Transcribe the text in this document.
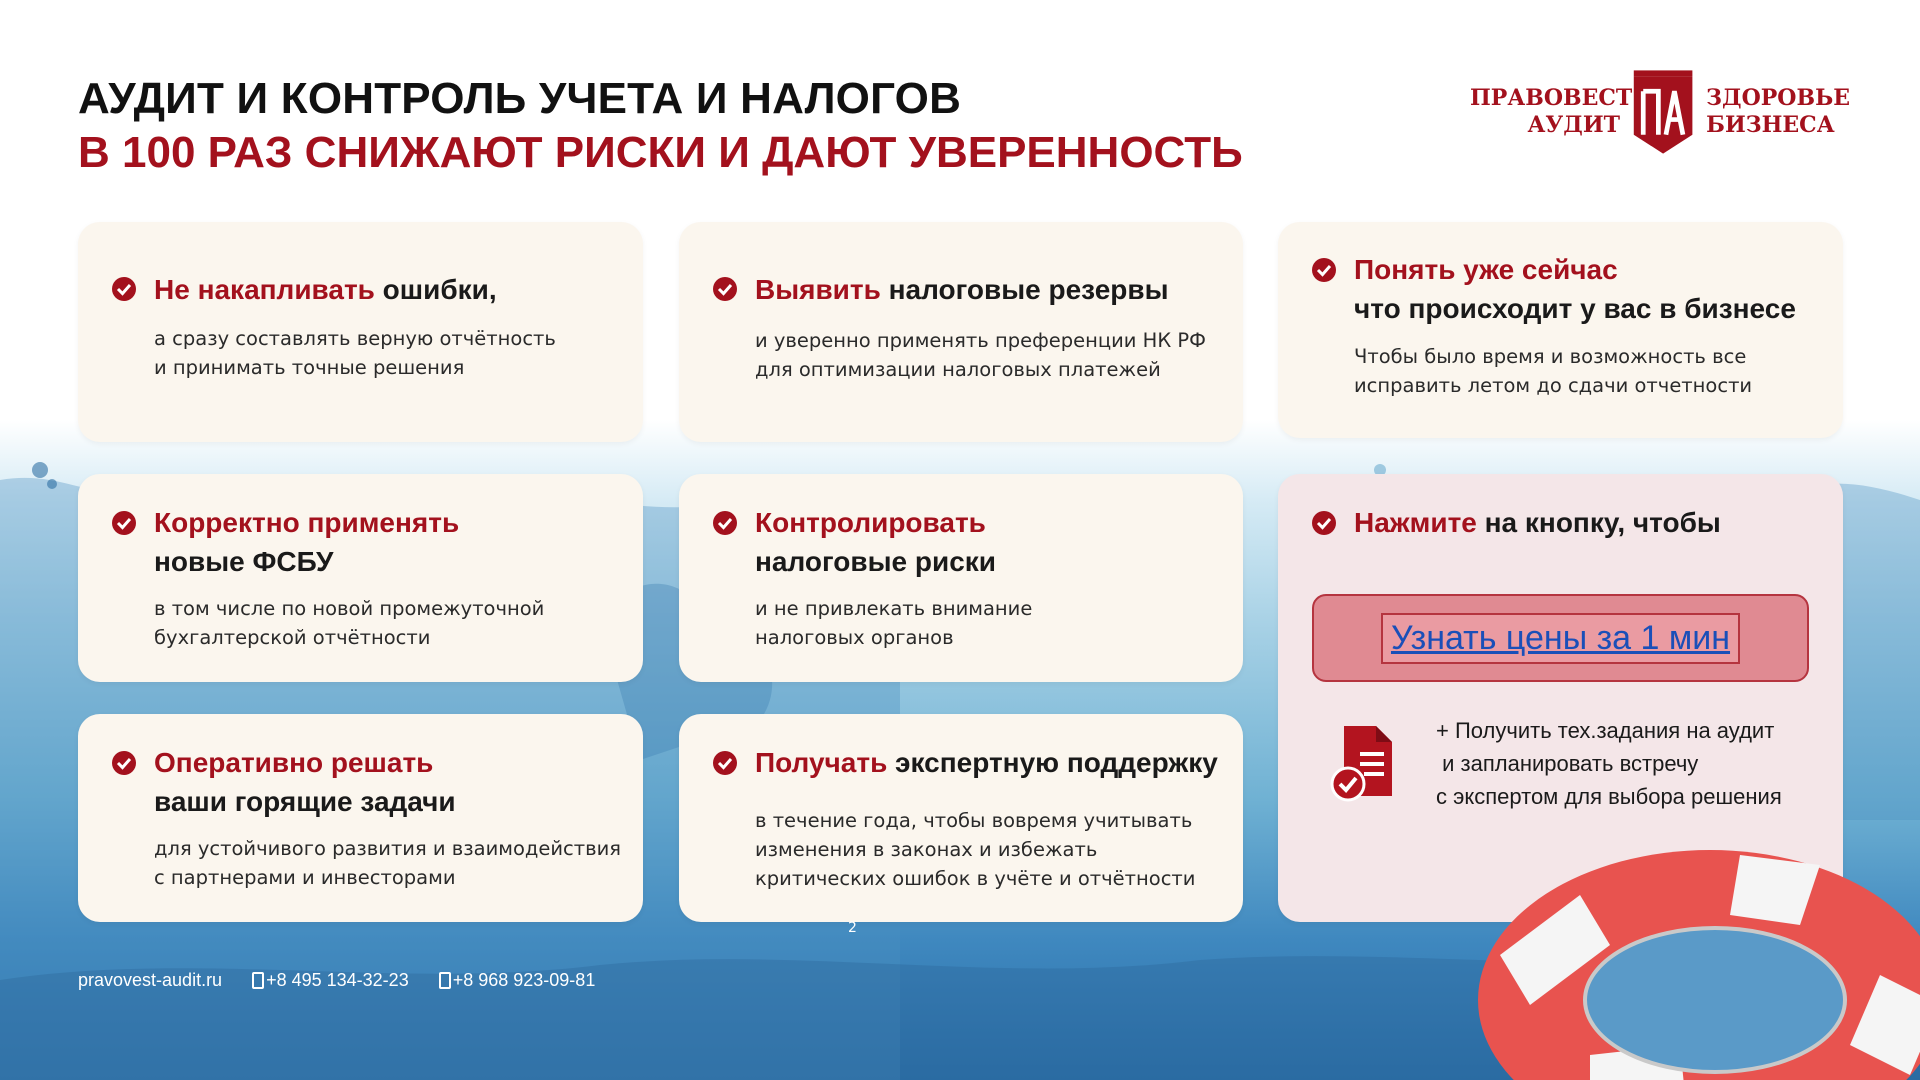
АУДИТ И КОНТРОЛЬ УЧЕТА И НАЛОГОВ
В 100 РАЗ СНИЖАЮТ РИСКИ И ДАЮТ УВЕРЕННОСТЬ
ПРАВОВЕСТ
АУДИТ
ЗДОРОВЬЕ
БИЗНЕСА
Не накапливать ошибки,
а сразу составлять верную отчётность
и принимать точные решения
Выявить налоговые резервы
и уверенно применять преференции НК РФ
для оптимизации налоговых платежей
Понять уже сейчас
что происходит у вас в бизнесе
Чтобы было время и возможность все
исправить летом до сдачи отчетности
Корректно применять
новые ФСБУ
в том числе по новой промежуточной
бухгалтерской отчётности
Контролировать
налоговые риски
и не привлекать внимание
налоговых органов
Оперативно решать
ваши горящие задачи
для устойчивого развития и взаимодействия
с партнерами и инвесторами
Получать экспертную поддержку
в течение года, чтобы вовремя учитывать
изменения в законах и избежать
критических ошибок в учёте и отчётности
Нажмите на кнопку, чтобы
Узнать цены за 1 мин
+ Получить тех.задания на аудит
и запланировать встречу
с экспертом для выбора решения
2
pravovest-audit.ru +8 495 134-32-23 +8 968 923-09-81
